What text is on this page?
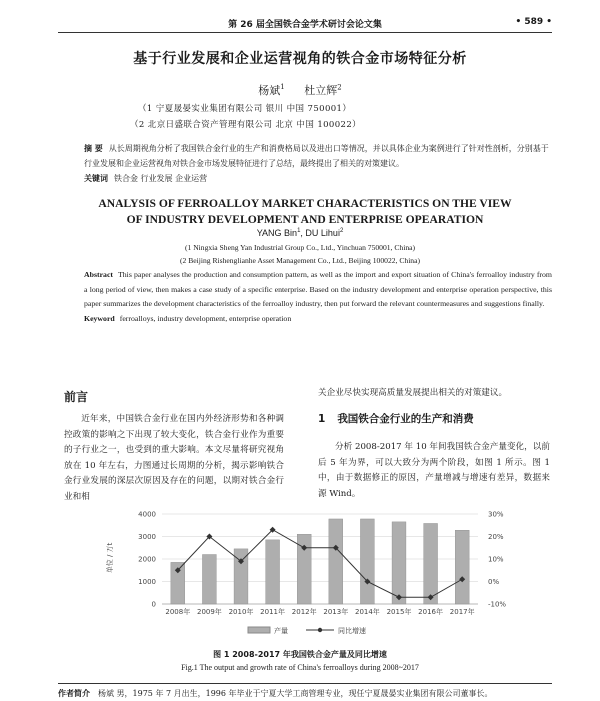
第 26 届全国铁合金学术研讨会论文集	• 589 •
基于行业发展和企业运营视角的铁合金市场特征分析
杨斌$^1$ 杜立辉$^2$
（1 宁夏晟晏实业集团有限公司 银川 中国 750001）
（2 北京日盛联合资产管理有限公司 北京 中国 100022）
摘 要 从长周期视角分析了我国铁合金行业的生产和消费格局以及进出口等情况，并以具体企业为案例进行了针对性剖析，分别基于行业发展和企业运营视角对铁合金市场发展特征进行了总结，最终提出了相关的对策建议。
关键词 铁合金 行业发展 企业运营
ANALYSIS OF FERROALLOY MARKET CHARACTERISTICS ON THE VIEW
OF INDUSTRY DEVELOPMENT AND ENTERPRISE OPEARATION
YANG Bin$^1$, DU Lihui$^2$
(1 Ningxia Sheng Yan Industrial Group Co., Ltd., Yinchuan 750001, China)
(2 Beijing Rishenglianhe Asset Management Co., Ltd., Beijing 100022, China)
Abstract This paper analyses the production and consumption pattern, as well as the import and export situation of China's ferroalloy industry from a long period of view, then makes a case study of a specific enterprise. Based on the industry development and enterprise operation perspective, this paper summarizes the development characteristics of the ferroalloy industry, then put forward the relevant countermeasures and suggestions finally.
Keyword ferroalloys, industry development, enterprise operation
前言
近年来，中国铁合金行业在国内外经济形势和各种调控政策的影响之下出现了较大变化，铁合金行业作为重要的子行业之一，也受到的重大影响。本文尽量将研究视角放在 10 年左右，力图通过长周期的分析，揭示影响铁合金行业发展的深层次原因及存在的问题，以期对铁合金行业和相
关企业尽快实现高质量发展提出相关的对策建议。
1 我国铁合金行业的生产和消费
分析 2008-2017 年 10 年间我国铁合金产量变化，以前后 5 年为界，可以大致分为两个阶段，如图 1 所示。图 1 中，由于数据修正的原因，产量增减与增速有差异，数据来源 Wind。
0
1000
2000
3000
4000
-10%
0%
10%
20%
30%
2008年 2009年 2010年 2011年 2012年 2013年 2014年 2015年 2016年 2017年
单位 / 万t
产量	同比增速
图 1 2008-2017 年我国铁合金产量及同比增速
Fig.1 The output and growth rate of China's ferroalloys during 2008~2017
作者简介 杨斌 男，1975 年 7 月出生，1996 年毕业于宁夏大学工商管理专业，现任宁夏晟晏实业集团有限公司董事长。
